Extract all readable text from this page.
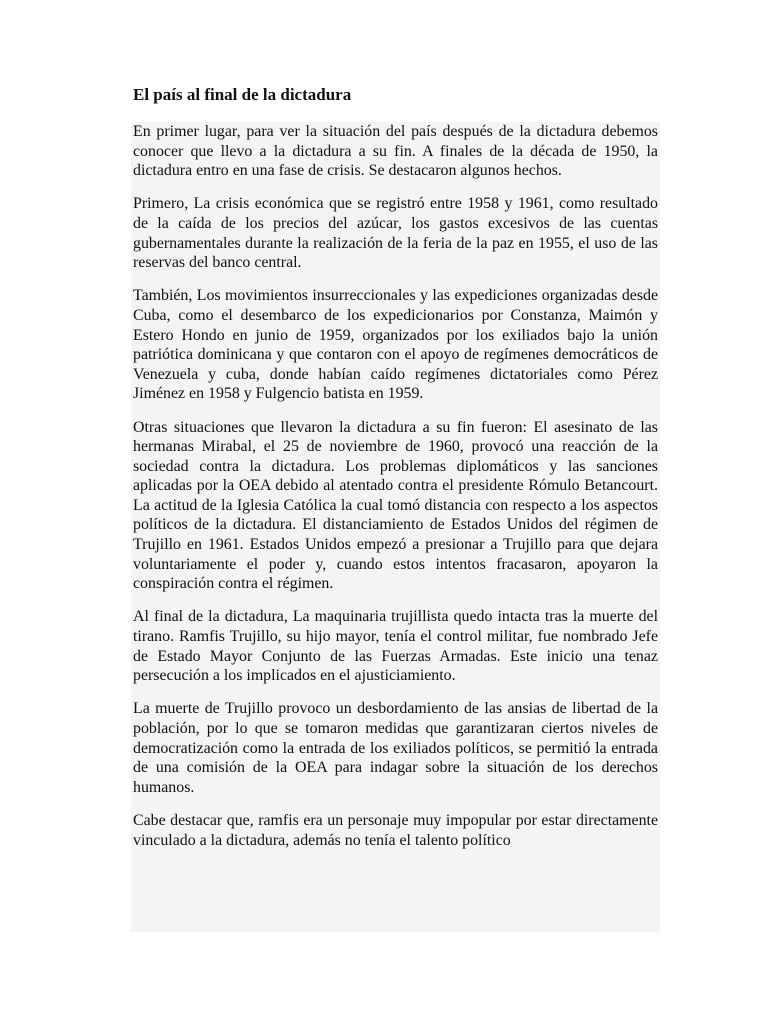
El país al final de la dictadura

En primer lugar, para ver la situación del país después de la dictadura debemos conocer que llevo a la dictadura a su fin. A finales de la década de 1950, la dictadura entro en una fase de crisis. Se destacaron algunos hechos.

Primero, La crisis económica que se registró entre 1958 y 1961, como resultado de la caída de los precios del azúcar, los gastos excesivos de las cuentas gubernamentales durante la realización de la feria de la paz en 1955, el uso de las reservas del banco central.

También, Los movimientos insurreccionales y las expediciones organizadas desde Cuba, como el desembarco de los expedicionarios por Constanza, Maimón y Estero Hondo en junio de 1959, organizados por los exiliados bajo la unión patriótica dominicana y que contaron con el apoyo de regímenes democráticos de Venezuela y cuba, donde habían caído regímenes dictatoriales como Pérez Jiménez en 1958 y Fulgencio batista en 1959.

Otras situaciones que llevaron la dictadura a su fin fueron: El asesinato de las hermanas Mirabal, el 25 de noviembre de 1960, provocó una reacción de la sociedad contra la dictadura. Los problemas diplomáticos y las sanciones aplicadas por la OEA debido al atentado contra el presidente Rómulo Betancourt. La actitud de la Iglesia Católica la cual tomó distancia con respecto a los aspectos políticos de la dictadura. El distanciamiento de Estados Unidos del régimen de Trujillo en 1961. Estados Unidos empezó a presionar a Trujillo para que dejara voluntariamente el poder y, cuando estos intentos fracasaron, apoyaron la conspiración contra el régimen.

Al final de la dictadura, La maquinaria trujillista quedo intacta tras la muerte del tirano. Ramfis Trujillo, su hijo mayor, tenía el control militar, fue nombrado Jefe de Estado Mayor Conjunto de las Fuerzas Armadas. Este inicio una tenaz persecución a los implicados en el ajusticiamiento.

La muerte de Trujillo provoco un desbordamiento de las ansias de libertad de la población, por lo que se tomaron medidas que garantizaran ciertos niveles de democratización como la entrada de los exiliados políticos, se permitió la entrada de una comisión de la OEA para indagar sobre la situación de los derechos humanos.

Cabe destacar que, ramfis era un personaje muy impopular por estar directamente vinculado a la dictadura, además no tenía el talento político
